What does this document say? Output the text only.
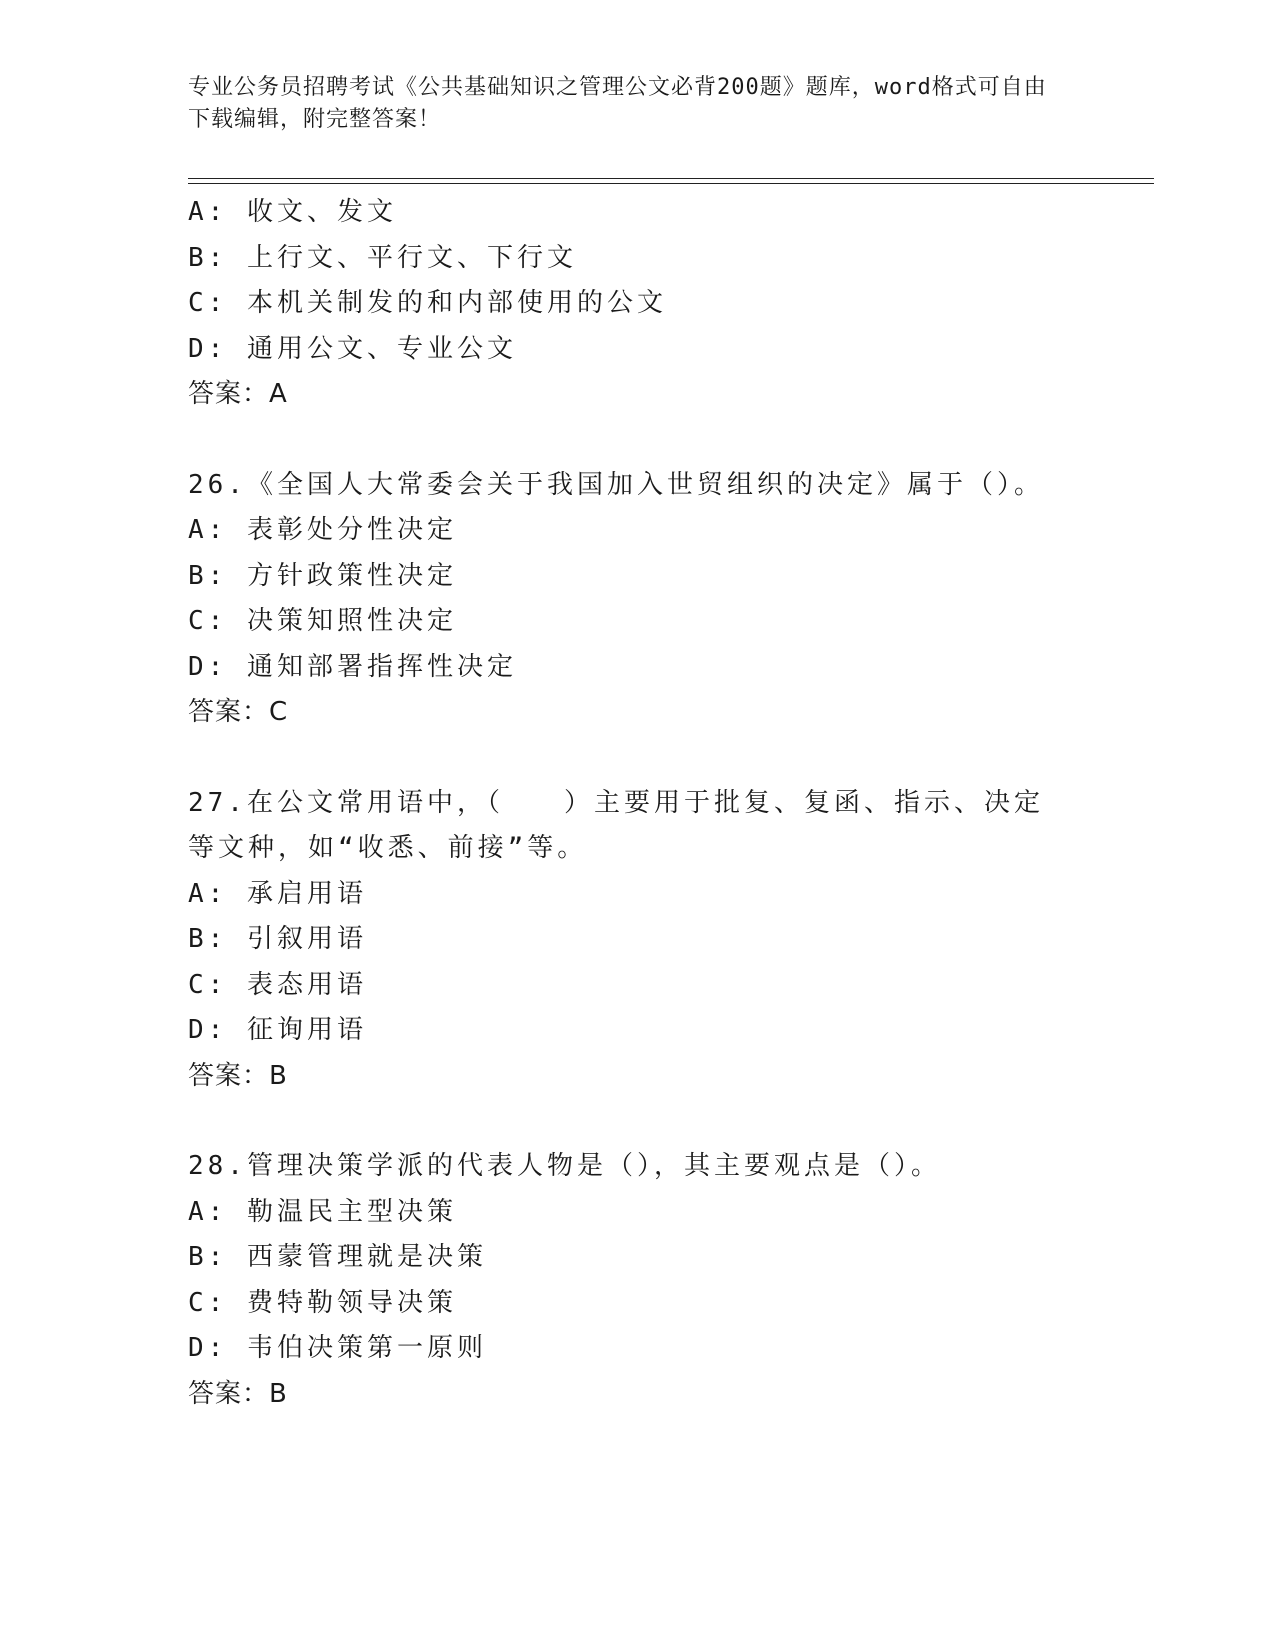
专业公务员招聘考试《公共基础知识之管理公文必背200题》题库，word格式可自由下载编辑，附完整答案！
A: 收文、发文
B: 上行文、平行文、下行文
C: 本机关制发的和内部使用的公文
D: 通用公文、专业公文
答案：A
26.《全国人大常委会关于我国加入世贸组织的决定》属于（）。
A: 表彰处分性决定
B: 方针政策性决定
C: 决策知照性决定
D: 通知部署指挥性决定
答案：C
27.在公文常用语中，（　　）主要用于批复、复函、指示、决定等文种，如“收悉、前接”等。
A: 承启用语
B: 引叙用语
C: 表态用语
D: 征询用语
答案：B
28.管理决策学派的代表人物是（），其主要观点是（）。
A: 勒温民主型决策
B: 西蒙管理就是决策
C: 费特勒领导决策
D: 韦伯决策第一原则
答案：B
